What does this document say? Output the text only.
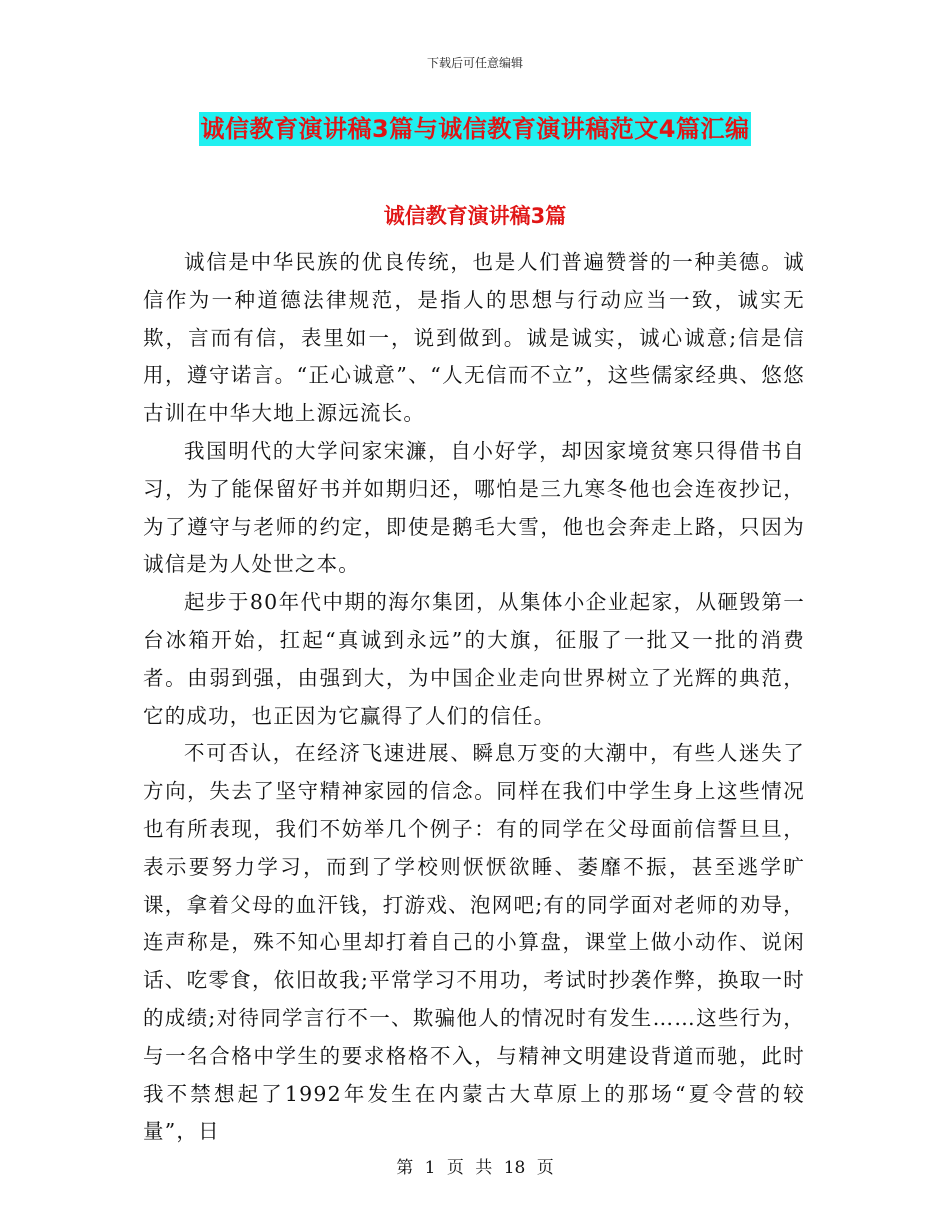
下载后可任意编辑
诚信教育演讲稿3篇与诚信教育演讲稿范文4篇汇编
诚信教育演讲稿3篇

诚信是中华民族的优良传统，也是人们普遍赞誉的一种美德。诚信作为一种道德法律规范，是指人的思想与行动应当一致，诚实无欺，言而有信，表里如一，说到做到。诚是诚实，诚心诚意;信是信用，遵守诺言。“正心诚意”、“人无信而不立”，这些儒家经典、悠悠古训在中华大地上源远流长。

我国明代的大学问家宋濂，自小好学，却因家境贫寒只得借书自习，为了能保留好书并如期归还，哪怕是三九寒冬他也会连夜抄记，为了遵守与老师的约定，即使是鹅毛大雪，他也会奔走上路，只因为诚信是为人处世之本。

起步于80年代中期的海尔集团，从集体小企业起家，从砸毁第一台冰箱开始，扛起“真诚到永远”的大旗，征服了一批又一批的消费者。由弱到强，由强到大，为中国企业走向世界树立了光辉的典范，它的成功，也正因为它赢得了人们的信任。

不可否认，在经济飞速进展、瞬息万变的大潮中，有些人迷失了方向，失去了坚守精神家园的信念。同样在我们中学生身上这些情况也有所表现，我们不妨举几个例子：有的同学在父母面前信誓旦旦，表示要努力学习，而到了学校则恹恹欲睡、萎靡不振，甚至逃学旷课，拿着父母的血汗钱，打游戏、泡网吧;有的同学面对老师的劝导，连声称是，殊不知心里却打着自己的小算盘，课堂上做小动作、说闲话、吃零食，依旧故我;平常学习不用功，考试时抄袭作弊，换取一时的成绩;对待同学言行不一、欺骗他人的情况时有发生……这些行为，与一名合格中学生的要求格格不入，与精神文明建设背道而驰，此时我不禁想起了1992年发生在内蒙古大草原上的那场“夏令营的较量”，日

第 1 页 共 18 页
